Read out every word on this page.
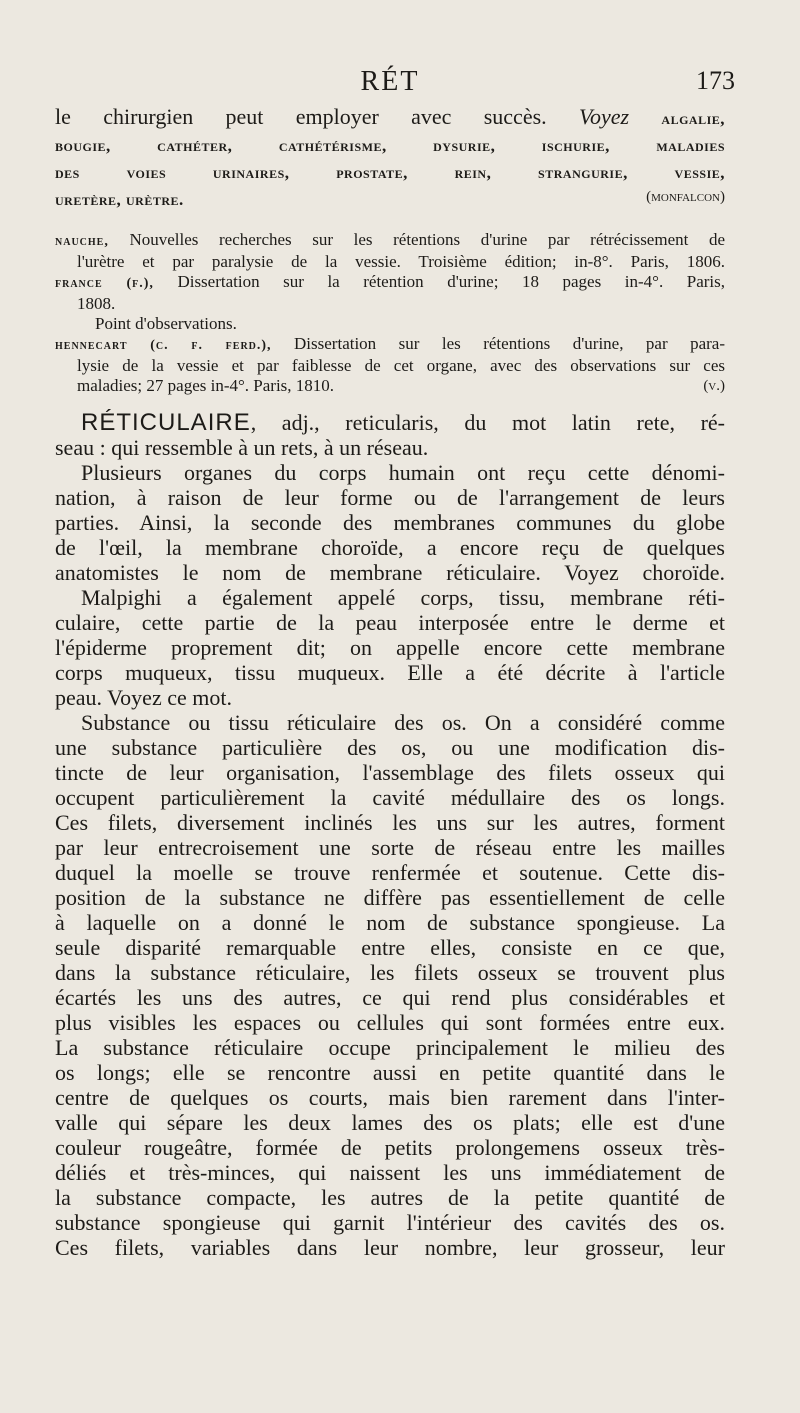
RÉT	173
le chirurgien peut employer avec succès. Voyez algalie,
bougie, cathéter, cathétérisme, dysurie, ischurie, maladies
des voies urinaires, prostate, rein, strangurie, vessie,
uretère, urètre.	(monfalcon)
nauche, Nouvelles recherches sur les rétentions d'urine par rétrécissement de
l'urètre et par paralysie de la vessie. Troisième édition; in-8°. Paris, 1806.
france (f.), Dissertation sur la rétention d'urine; 18 pages in-4°. Paris,
1808.
Point d'observations.
hennecart (c. f. ferd.), Dissertation sur les rétentions d'urine, par para-
lysie de la vessie et par faiblesse de cet organe, avec des observations sur ces
maladies; 27 pages in-4°. Paris, 1810.	(v.)
RÉTICULAIRE, adj., reticularis, du mot latin rete, ré-
seau : qui ressemble à un rets, à un réseau.
Plusieurs organes du corps humain ont reçu cette dénomi-
nation, à raison de leur forme ou de l'arrangement de leurs
parties. Ainsi, la seconde des membranes communes du globe
de l'œil, la membrane choroïde, a encore reçu de quelques
anatomistes le nom de membrane réticulaire. Voyez choroïde.
Malpighi a également appelé corps, tissu, membrane réti-
culaire, cette partie de la peau interposée entre le derme et
l'épiderme proprement dit; on appelle encore cette membrane
corps muqueux, tissu muqueux. Elle a été décrite à l'article
peau. Voyez ce mot.
Substance ou tissu réticulaire des os. On a considéré comme
une substance particulière des os, ou une modification dis-
tincte de leur organisation, l'assemblage des filets osseux qui
occupent particulièrement la cavité médullaire des os longs.
Ces filets, diversement inclinés les uns sur les autres, forment
par leur entrecroisement une sorte de réseau entre les mailles
duquel la moelle se trouve renfermée et soutenue. Cette dis-
position de la substance ne diffère pas essentiellement de celle
à laquelle on a donné le nom de substance spongieuse. La
seule disparité remarquable entre elles, consiste en ce que,
dans la substance réticulaire, les filets osseux se trouvent plus
écartés les uns des autres, ce qui rend plus considérables et
plus visibles les espaces ou cellules qui sont formées entre eux.
La substance réticulaire occupe principalement le milieu des
os longs; elle se rencontre aussi en petite quantité dans le
centre de quelques os courts, mais bien rarement dans l'inter-
valle qui sépare les deux lames des os plats; elle est d'une
couleur rougeâtre, formée de petits prolongemens osseux très-
déliés et très-minces, qui naissent les uns immédiatement de
la substance compacte, les autres de la petite quantité de
substance spongieuse qui garnit l'intérieur des cavités des os.
Ces filets, variables dans leur nombre, leur grosseur, leur
